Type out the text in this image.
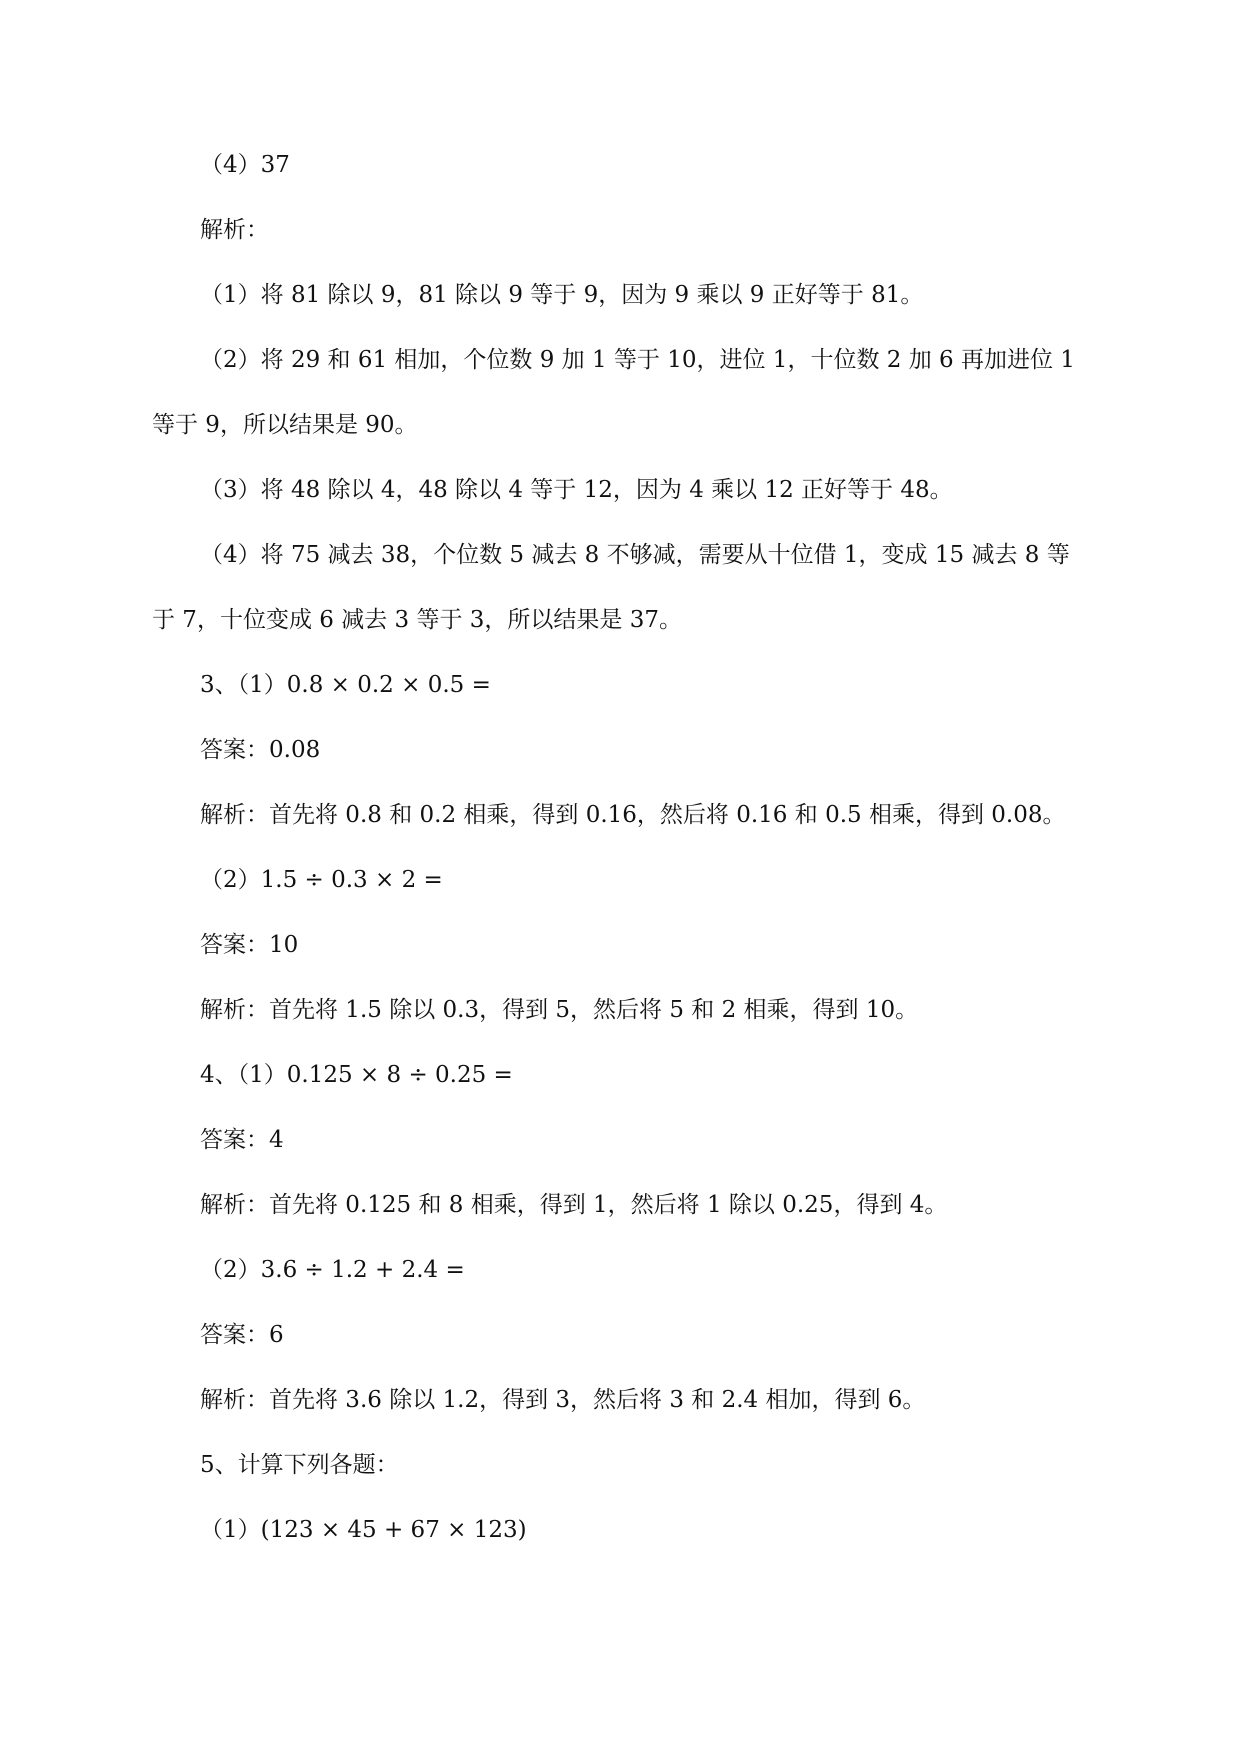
（4）37
解析：
（1）将 81 除以 9，81 除以 9 等于 9，因为 9 乘以 9 正好等于 81。
（2）将 29 和 61 相加，个位数 9 加 1 等于 10，进位 1，十位数 2 加 6 再加进位 1
等于 9，所以结果是 90。
（3）将 48 除以 4，48 除以 4 等于 12，因为 4 乘以 12 正好等于 48。
（4）将 75 减去 38，个位数 5 减去 8 不够减，需要从十位借 1，变成 15 减去 8 等
于 7，十位变成 6 减去 3 等于 3，所以结果是 37。
3、（1）0.8 × 0.2 × 0.5 =
答案：0.08
解析：首先将 0.8 和 0.2 相乘，得到 0.16，然后将 0.16 和 0.5 相乘，得到 0.08。
（2）1.5 ÷ 0.3 × 2 =
答案：10
解析：首先将 1.5 除以 0.3，得到 5，然后将 5 和 2 相乘，得到 10。
4、（1）0.125 × 8 ÷ 0.25 =
答案：4
解析：首先将 0.125 和 8 相乘，得到 1，然后将 1 除以 0.25，得到 4。
（2）3.6 ÷ 1.2 + 2.4 =
答案：6
解析：首先将 3.6 除以 1.2，得到 3，然后将 3 和 2.4 相加，得到 6。
5、计算下列各题：
（1）(123 × 45 + 67 × 123)
